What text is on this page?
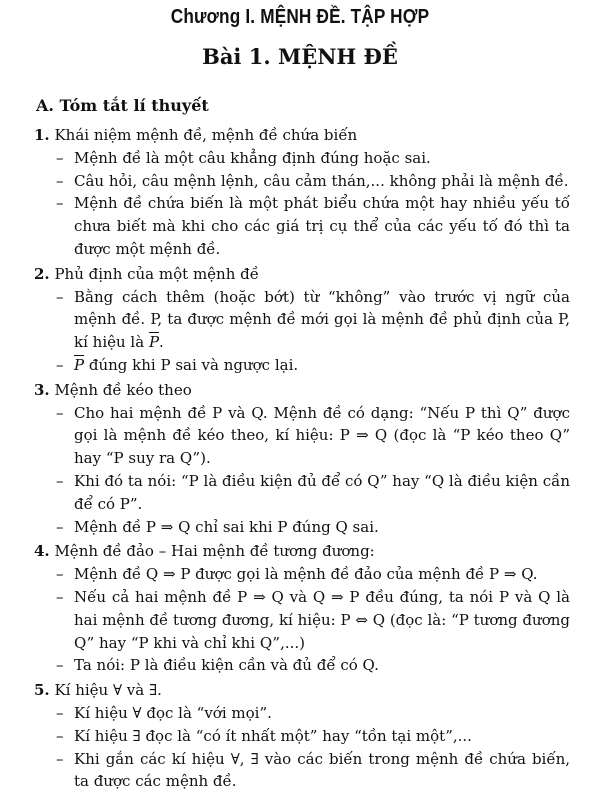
Chương I. MỆNH ĐỀ. TẬP HỢP
Bài 1. MỆNH ĐỀ
A. Tóm tắt lí thuyết
1. Khái niệm mệnh đề, mệnh đề chứa biến
– Mệnh đề là một câu khẳng định đúng hoặc sai.
– Câu hỏi, câu mệnh lệnh, câu cảm thán,... không phải là mệnh đề.
– Mệnh đề chứa biến là một phát biểu chứa một hay nhiều yếu tố chưa biết mà khi cho các giá trị cụ thể của các yếu tố đó thì ta được một mệnh đề.
2. Phủ định của một mệnh đề
– Bằng cách thêm (hoặc bớt) từ “không” vào trước vị ngữ của mệnh đề. P, ta được mệnh đề mới gọi là mệnh đề phủ định của P, kí hiệu là $\overline{P}$.
– $\overline{P}$ đúng khi P sai và ngược lại.
3. Mệnh đề kéo theo
– Cho hai mệnh đề P và Q. Mệnh đề có dạng: “Nếu P thì Q” được gọi là mệnh đề kéo theo, kí hiệu: P ⇒ Q (đọc là “P kéo theo Q” hay “P suy ra Q”).
– Khi đó ta nói: “P là điều kiện đủ để có Q” hay “Q là điều kiện cần để có P”.
– Mệnh đề P ⇒ Q chỉ sai khi P đúng Q sai.
4. Mệnh đề đảo – Hai mệnh đề tương đương:
– Mệnh đề Q ⇒ P được gọi là mệnh đề đảo của mệnh đề P ⇒ Q.
– Nếu cả hai mệnh đề P ⇒ Q và Q ⇒ P đều đúng, ta nói P và Q là hai mệnh đề tương đương, kí hiệu: P ⇔ Q (đọc là: “P tương đương Q” hay “P khi và chỉ khi Q”,...)
– Ta nói: P là điều kiện cần và đủ để có Q.
5. Kí hiệu ∀ và ∃.
– Kí hiệu ∀ đọc là “với mọi”.
– Kí hiệu ∃ đọc là “có ít nhất một” hay “tồn tại một”,...
– Khi gắn các kí hiệu ∀, ∃ vào các biến trong mệnh đề chứa biến, ta được các mệnh đề.
